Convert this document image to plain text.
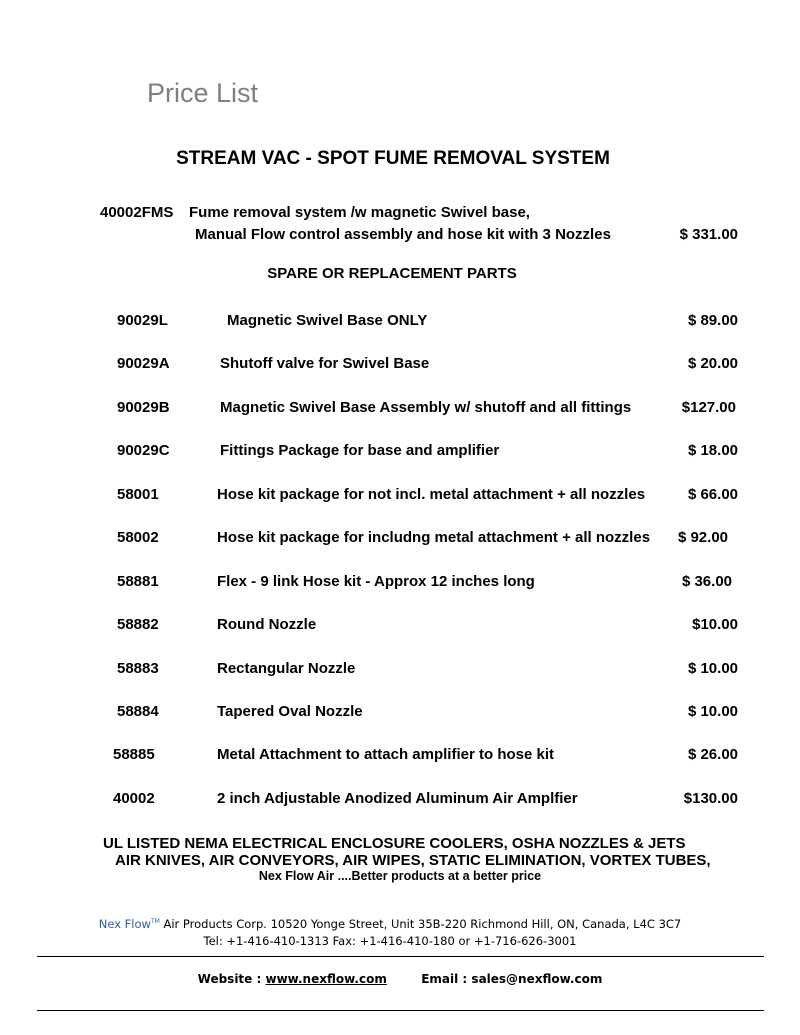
Price List
STREAM VAC - SPOT FUME REMOVAL SYSTEM
40002FMS Fume removal system /w magnetic Swivel base,
Manual Flow control assembly and hose kit with 3 Nozzles	$ 331.00
SPARE OR REPLACEMENT PARTS
90029L	Magnetic Swivel Base ONLY	$ 89.00
90029A	Shutoff valve for Swivel Base	$ 20.00
90029B	Magnetic Swivel Base Assembly w/ shutoff and all fittings	$127.00
90029C	Fittings Package for base and amplifier	$ 18.00
58001	Hose kit package for not incl. metal attachment + all nozzles	$ 66.00
58002	Hose kit package for includng metal attachment + all nozzles	$ 92.00
58881	Flex - 9 link Hose kit - Approx 12 inches long	$ 36.00
58882	Round Nozzle	$10.00
58883	Rectangular Nozzle	$ 10.00
58884	Tapered Oval Nozzle	$ 10.00
58885	Metal Attachment to attach amplifier to hose kit	$ 26.00
40002	2 inch Adjustable Anodized Aluminum Air Amplfier	$130.00
UL LISTED NEMA ELECTRICAL ENCLOSURE COOLERS, OSHA NOZZLES & JETS
AIR KNIVES, AIR CONVEYORS, AIR WIPES, STATIC ELIMINATION, VORTEX TUBES,
Nex Flow Air ....Better products at a better price
Nex Flow™ Air Products Corp. 10520 Yonge Street, Unit 35B-220 Richmond Hill, ON, Canada, L4C 3C7
Tel: +1-416-410-1313 Fax: +1-416-410-180 or +1-716-626-3001
Website : www.nexflow.com	Email : sales@nexflow.com
